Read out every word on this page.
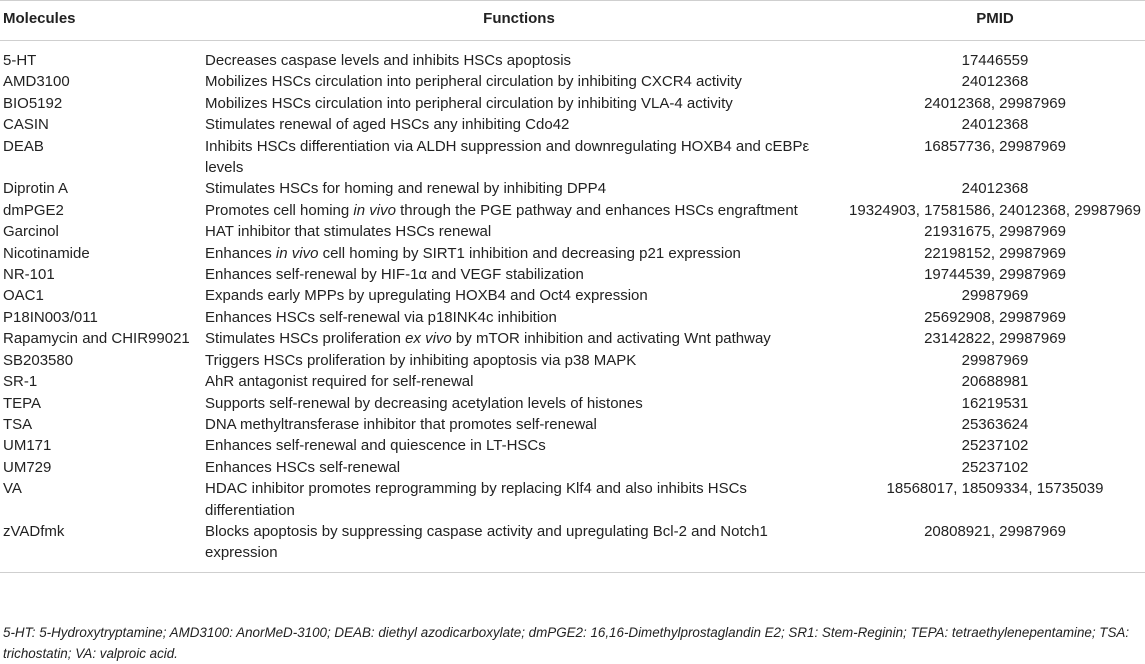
Molecules	Functions	PMID
5-HT	Decreases caspase levels and inhibits HSCs apoptosis	17446559
AMD3100	Mobilizes HSCs circulation into peripheral circulation by inhibiting CXCR4 activity	24012368
BIO5192	Mobilizes HSCs circulation into peripheral circulation by inhibiting VLA-4 activity	24012368, 29987969
CASIN	Stimulates renewal of aged HSCs any inhibiting Cdo42	24012368
DEAB	Inhibits HSCs differentiation via ALDH suppression and downregulating HOXB4 and cEBPε levels	16857736, 29987969
Diprotin A	Stimulates HSCs for homing and renewal by inhibiting DPP4	24012368
dmPGE2	Promotes cell homing in vivo through the PGE pathway and enhances HSCs engraftment	19324903, 17581586, 24012368, 29987969
Garcinol	HAT inhibitor that stimulates HSCs renewal	21931675, 29987969
Nicotinamide	Enhances in vivo cell homing by SIRT1 inhibition and decreasing p21 expression	22198152, 29987969
NR-101	Enhances self-renewal by HIF-1α and VEGF stabilization	19744539, 29987969
OAC1	Expands early MPPs by upregulating HOXB4 and Oct4 expression	29987969
P18IN003/011	Enhances HSCs self-renewal via p18INK4c inhibition	25692908, 29987969
Rapamycin and CHIR99021	Stimulates HSCs proliferation ex vivo by mTOR inhibition and activating Wnt pathway	23142822, 29987969
SB203580	Triggers HSCs proliferation by inhibiting apoptosis via p38 MAPK	29987969
SR-1	AhR antagonist required for self-renewal	20688981
TEPA	Supports self-renewal by decreasing acetylation levels of histones	16219531
TSA	DNA methyltransferase inhibitor that promotes self-renewal	25363624
UM171	Enhances self-renewal and quiescence in LT-HSCs	25237102
UM729	Enhances HSCs self-renewal	25237102
VA	HDAC inhibitor promotes reprogramming by replacing Klf4 and also inhibits HSCs differentiation	18568017, 18509334, 15735039
zVADfmk	Blocks apoptosis by suppressing caspase activity and upregulating Bcl-2 and Notch1 expression	20808921, 29987969
5-HT: 5-Hydroxytryptamine; AMD3100: AnorMeD-3100; DEAB: diethyl azodicarboxylate; dmPGE2: 16,16-Dimethylprostaglandin E2; SR1: Stem-Reginin; TEPA: tetraethylenepentamine; TSA: trichostatin; VA: valproic acid.
